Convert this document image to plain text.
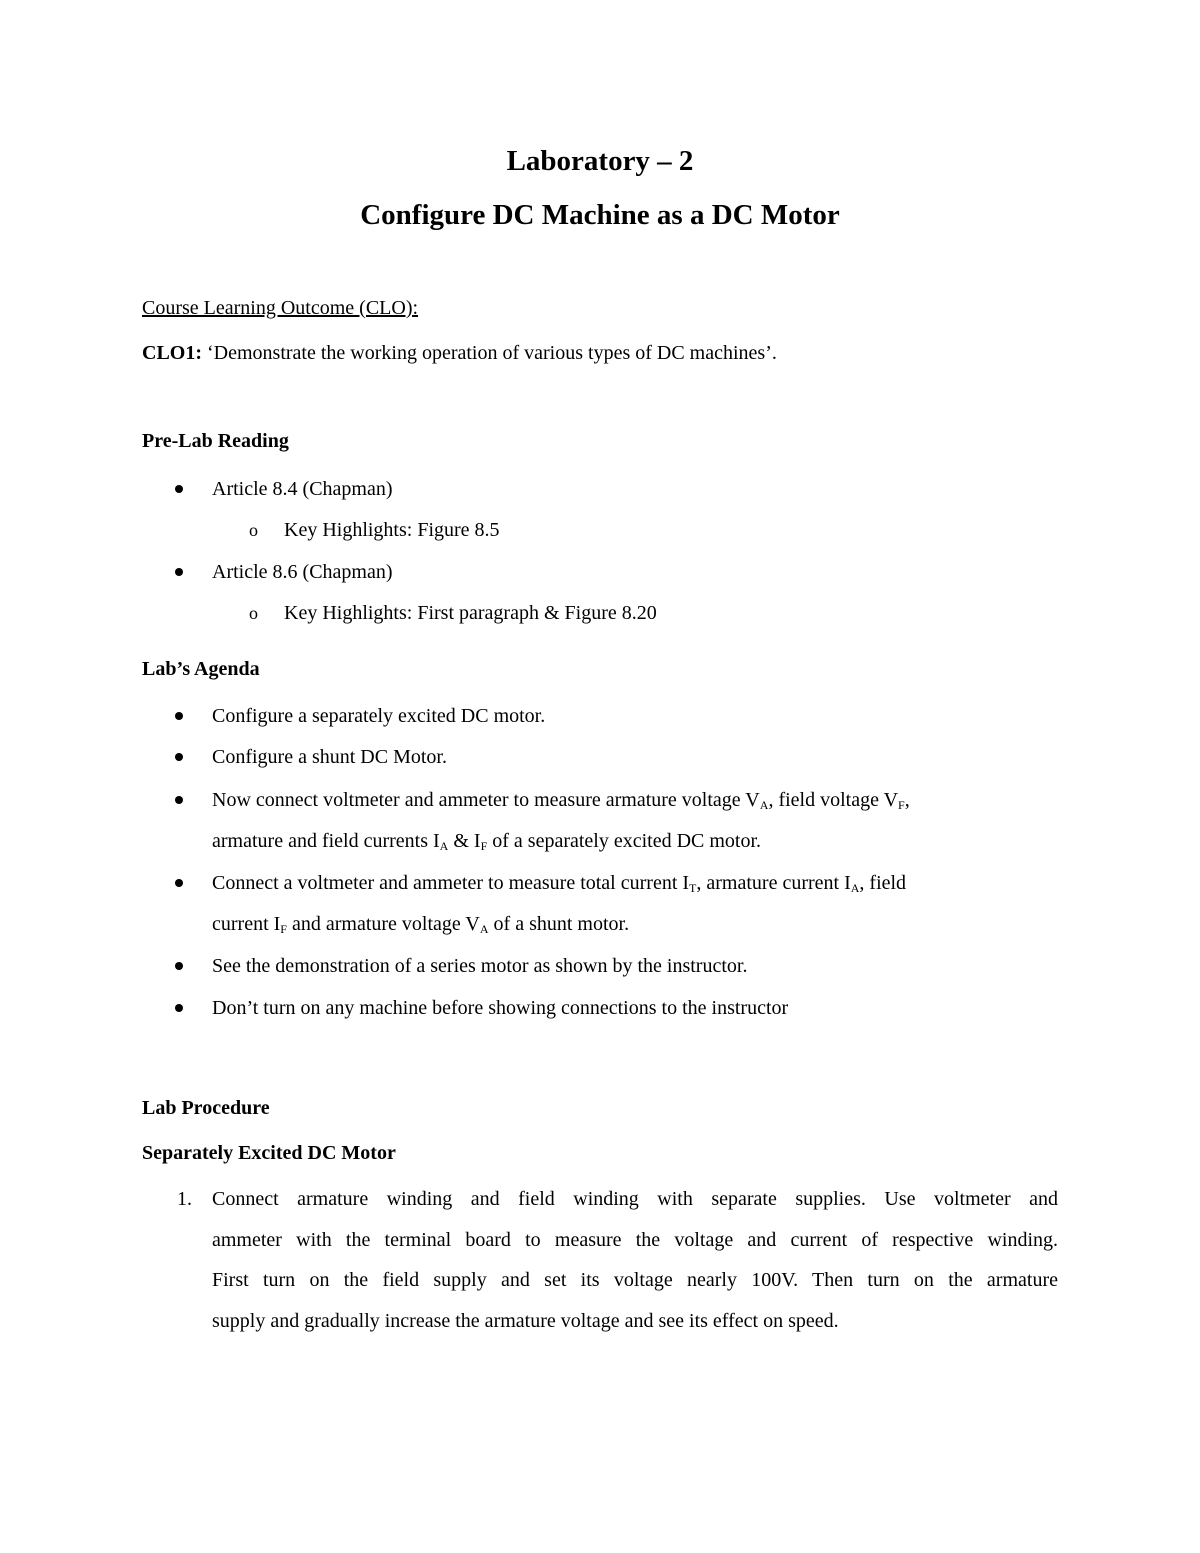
Laboratory – 2
Configure DC Machine as a DC Motor
Course Learning Outcome (CLO):
CLO1: ‘Demonstrate the working operation of various types of DC machines’.
Pre-Lab Reading
Article 8.4 (Chapman)
o Key Highlights: Figure 8.5
Article 8.6 (Chapman)
o Key Highlights: First paragraph & Figure 8.20
Lab’s Agenda
Configure a separately excited DC motor.
Configure a shunt DC Motor.
Now connect voltmeter and ammeter to measure armature voltage $V_A$, field voltage $V_F$,
armature and field currents $I_A$ & $I_F$ of a separately excited DC motor.
Connect a voltmeter and ammeter to measure total current $I_T$, armature current $I_A$, field
current $I_F$ and armature voltage $V_A$ of a shunt motor.
See the demonstration of a series motor as shown by the instructor.
Don’t turn on any machine before showing connections to the instructor
Lab Procedure
Separately Excited DC Motor
1. Connect armature winding and field winding with separate supplies. Use voltmeter and
ammeter with the terminal board to measure the voltage and current of respective winding.
First turn on the field supply and set its voltage nearly 100V. Then turn on the armature
supply and gradually increase the armature voltage and see its effect on speed.
